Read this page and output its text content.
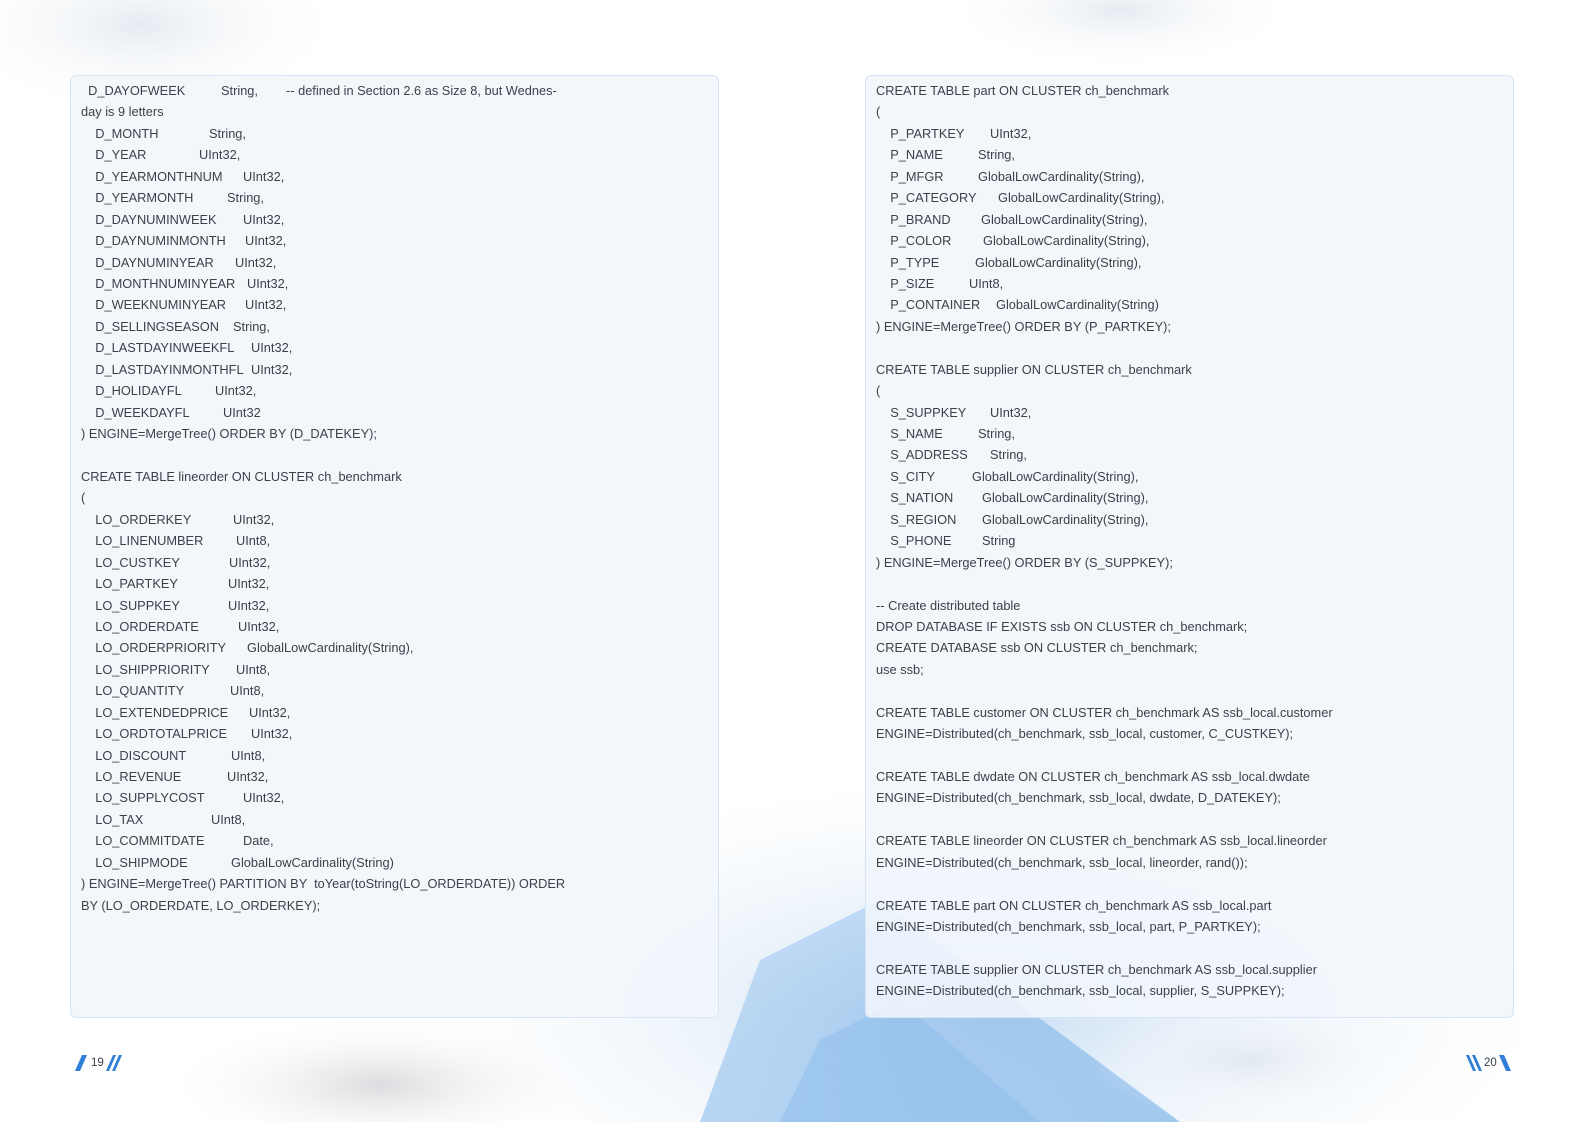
D_DAYOFWEEK	String, -- defined in Section 2.6 as Size 8, but Wednes-
day is 9 letters
D_MONTH	String,
D_YEAR	UInt32,
D_YEARMONTHNUM UInt32,
D_YEARMONTH	String,
D_DAYNUMINWEEK UInt32,
D_DAYNUMINMONTH UInt32,
D_DAYNUMINYEAR UInt32,
D_MONTHNUMINYEAR UInt32,
D_WEEKNUMINYEAR UInt32,
D_SELLINGSEASON String,
D_LASTDAYINWEEKFL UInt32,
D_LASTDAYINMONTHFL UInt32,
D_HOLIDAYFL	UInt32,
D_WEEKDAYFL	UInt32
) ENGINE=MergeTree() ORDER BY (D_DATEKEY);
CREATE TABLE lineorder ON CLUSTER ch_benchmark
(
LO_ORDERKEY	UInt32,
LO_LINENUMBER	UInt8,
LO_CUSTKEY	UInt32,
LO_PARTKEY	UInt32,
LO_SUPPKEY	UInt32,
LO_ORDERDATE	UInt32,
LO_ORDERPRIORITY GlobalLowCardinality(String),
LO_SHIPPRIORITY UInt8,
LO_QUANTITY	UInt8,
LO_EXTENDEDPRICE UInt32,
LO_ORDTOTALPRICE UInt32,
LO_DISCOUNT	UInt8,
LO_REVENUE	UInt32,
LO_SUPPLYCOST	UInt32,
LO_TAX	UInt8,
LO_COMMITDATE	Date,
LO_SHIPMODE	GlobalLowCardinality(String)
) ENGINE=MergeTree() PARTITION BY  toYear(toString(LO_ORDERDATE)) ORDER
BY (LO_ORDERDATE, LO_ORDERKEY);
CREATE TABLE part ON CLUSTER ch_benchmark
(
P_PARTKEY UInt32,
P_NAME	String,
P_MFGR	GlobalLowCardinality(String),
P_CATEGORY GlobalLowCardinality(String),
P_BRAND GlobalLowCardinality(String),
P_COLOR GlobalLowCardinality(String),
P_TYPE	GlobalLowCardinality(String),
P_SIZE	UInt8,
P_CONTAINER GlobalLowCardinality(String)
) ENGINE=MergeTree() ORDER BY (P_PARTKEY);
CREATE TABLE supplier ON CLUSTER ch_benchmark
(
S_SUPPKEY UInt32,
S_NAME	String,
S_ADDRESS String,
S_CITY	GlobalLowCardinality(String),
S_NATION GlobalLowCardinality(String),
S_REGION GlobalLowCardinality(String),
S_PHONE String
) ENGINE=MergeTree() ORDER BY (S_SUPPKEY);
-- Create distributed table
DROP DATABASE IF EXISTS ssb ON CLUSTER ch_benchmark;
CREATE DATABASE ssb ON CLUSTER ch_benchmark;
use ssb;
CREATE TABLE customer ON CLUSTER ch_benchmark AS ssb_local.customer
ENGINE=Distributed(ch_benchmark, ssb_local, customer, C_CUSTKEY);
CREATE TABLE dwdate ON CLUSTER ch_benchmark AS ssb_local.dwdate
ENGINE=Distributed(ch_benchmark, ssb_local, dwdate, D_DATEKEY);
CREATE TABLE lineorder ON CLUSTER ch_benchmark AS ssb_local.lineorder
ENGINE=Distributed(ch_benchmark, ssb_local, lineorder, rand());
CREATE TABLE part ON CLUSTER ch_benchmark AS ssb_local.part
ENGINE=Distributed(ch_benchmark, ssb_local, part, P_PARTKEY);
CREATE TABLE supplier ON CLUSTER ch_benchmark AS ssb_local.supplier
ENGINE=Distributed(ch_benchmark, ssb_local, supplier, S_SUPPKEY);
19	20
